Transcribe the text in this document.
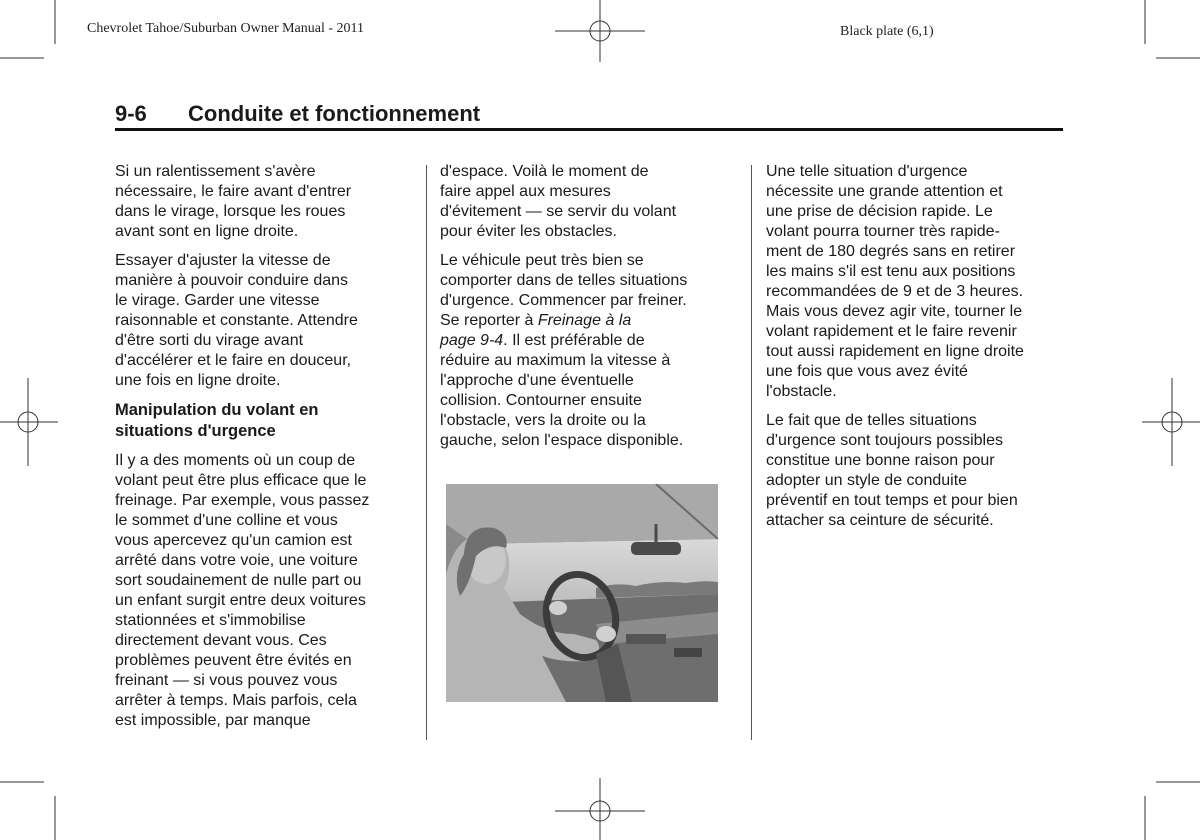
Chevrolet Tahoe/Suburban Owner Manual - 2011	Black plate (6,1)
9-6 Conduite et fonctionnement

Si un ralentissement s'avère
nécessaire, le faire avant d'entrer
dans le virage, lorsque les roues
avant sont en ligne droite.

Essayer d'ajuster la vitesse de
manière à pouvoir conduire dans
le virage. Garder une vitesse
raisonnable et constante. Attendre
d'être sorti du virage avant
d'accélérer et le faire en douceur,
une fois en ligne droite.

Manipulation du volant en
situations d'urgence

Il y a des moments où un coup de
volant peut être plus efficace que le
freinage. Par exemple, vous passez
le sommet d'une colline et vous
vous apercevez qu'un camion est
arrêté dans votre voie, une voiture
sort soudainement de nulle part ou
un enfant surgit entre deux voitures
stationnées et s'immobilise
directement devant vous. Ces
problèmes peuvent être évités en
freinant — si vous pouvez vous
arrêter à temps. Mais parfois, cela
est impossible, par manque

d'espace. Voilà le moment de
faire appel aux mesures
d'évitement — se servir du volant
pour éviter les obstacles.

Le véhicule peut très bien se
comporter dans de telles situations
d'urgence. Commencer par freiner.
Se reporter à Freinage à la
page 9-4. Il est préférable de
réduire au maximum la vitesse à
l'approche d'une éventuelle
collision. Contourner ensuite
l'obstacle, vers la droite ou la
gauche, selon l'espace disponible.

Une telle situation d'urgence
nécessite une grande attention et
une prise de décision rapide. Le
volant pourra tourner très rapide-
ment de 180 degrés sans en retirer
les mains s'il est tenu aux positions
recommandées de 9 et de 3 heures.
Mais vous devez agir vite, tourner le
volant rapidement et le faire revenir
tout aussi rapidement en ligne droite
une fois que vous avez évité
l'obstacle.

Le fait que de telles situations
d'urgence sont toujours possibles
constitue une bonne raison pour
adopter un style de conduite
préventif en tout temps et pour bien
attacher sa ceinture de sécurité.
